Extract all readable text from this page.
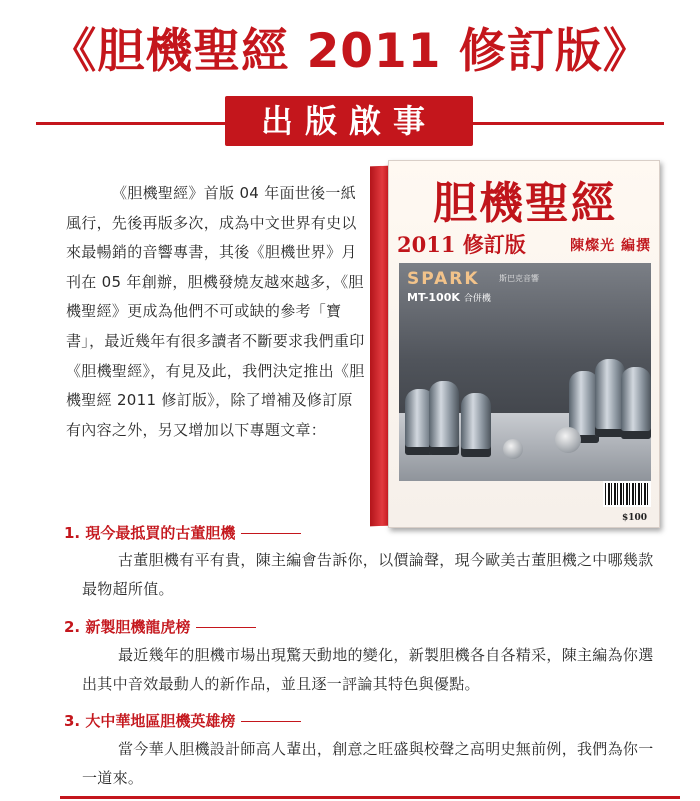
《胆機聖經 2011 修訂版》
出版啟事
《胆機聖經》首版 04 年面世後一紙風行，先後再版多次，成為中文世界有史以來最暢銷的音響專書，其後《胆機世界》月刊在 05 年創辦，胆機發燒友越來越多，《胆機聖經》更成為他們不可或缺的參考「寶書」，最近幾年有很多讀者不斷要求我們重印《胆機聖經》，有見及此，我們決定推出《胆機聖經 2011 修訂版》，除了增補及修訂原有內容之外，另又增加以下專題文章：
胆機聖經
2011 修訂版	陳燦光 編撰
SPARK 斯巴克音響
MT-100K 合併機
$100
1. 現今最抵買的古董胆機
古董胆機有平有貴，陳主編會告訴你，以價論聲，現今歐美古董胆機之中哪幾款最物超所值。
2. 新製胆機龍虎榜
最近幾年的胆機市場出現驚天動地的變化，新製胆機各自各精采，陳主編為你選出其中音效最動人的新作品，並且逐一評論其特色與優點。
3. 大中華地區胆機英雄榜
當今華人胆機設計師高人輩出，創意之旺盛與校聲之高明史無前例，我們為你一一道來。
